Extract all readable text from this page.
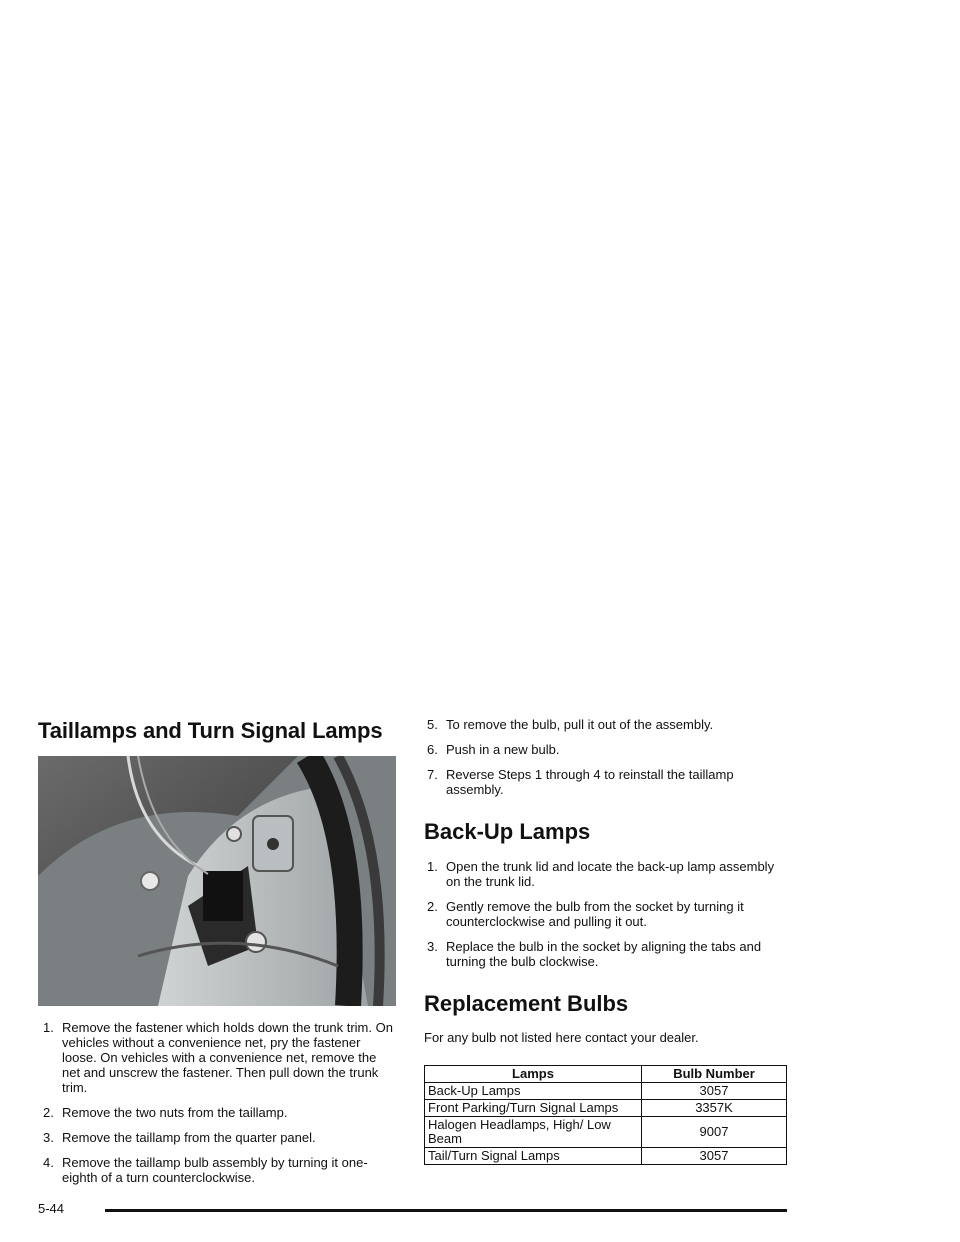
Taillamps and Turn Signal Lamps
1. Remove the fastener which holds down the trunk trim. On vehicles without a convenience net, pry the fastener loose. On vehicles with a convenience net, remove the net and unscrew the fastener. Then pull down the trunk trim.
2. Remove the two nuts from the taillamp.
3. Remove the taillamp from the quarter panel.
4. Remove the taillamp bulb assembly by turning it one-eighth of a turn counterclockwise.
5. To remove the bulb, pull it out of the assembly.
6. Push in a new bulb.
7. Reverse Steps 1 through 4 to reinstall the taillamp assembly.
Back-Up Lamps
1. Open the trunk lid and locate the back-up lamp assembly on the trunk lid.
2. Gently remove the bulb from the socket by turning it counterclockwise and pulling it out.
3. Replace the bulb in the socket by aligning the tabs and turning the bulb clockwise.
Replacement Bulbs

For any bulb not listed here contact your dealer.

Lamps	Bulb Number
Back-Up Lamps	3057
Front Parking/Turn Signal Lamps	3357K
Halogen Headlamps, High/ Low Beam	9007
Tail/Turn Signal Lamps	3057
5-44
